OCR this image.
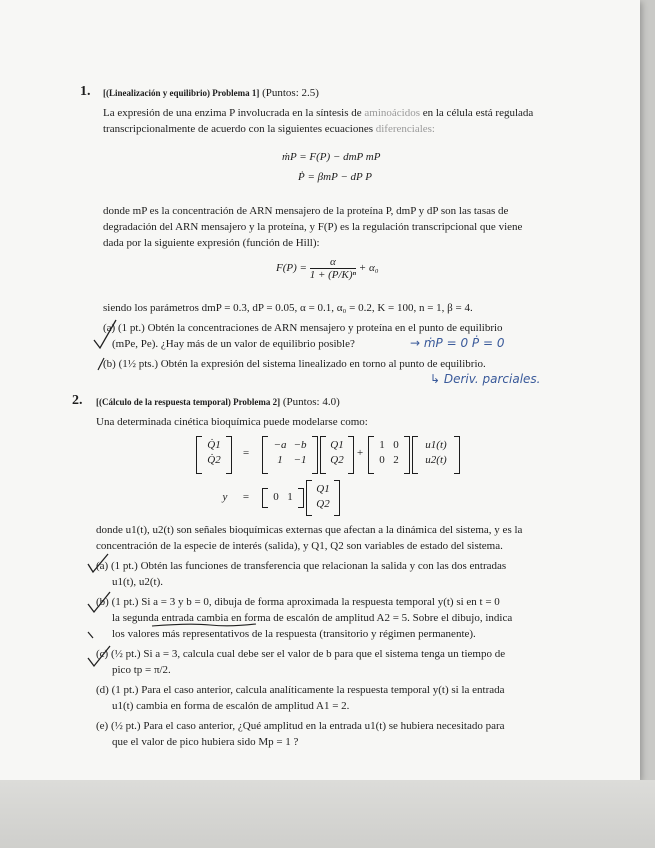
1. [(Linealización y equilibrio) Problema 1] (Puntos: 2.5)
La expresión de una enzima P involucrada en la síntesis de aminoácidos en la célula está regulada
transcripcionalmente de acuerdo con la siguientes ecuaciones diferenciales:
ṁP = F(P) − dmP mP
Ṗ = βmP − dP P
donde mP es la concentración de ARN mensajero de la proteína P, dmP y dP son las tasas de
degradación del ARN mensajero y la proteína, y F(P) es la regulación transcripcional que viene
dada por la siguiente expresión (función de Hill):
$F(P) = \frac{\alpha}{\text{1 + (P/K)ⁿ}} + \alpha_0$
siendo los parámetros dmP = 0.3, dP = 0.05, α = 0.1, α₀ = 0.2, K = 100, n = 1, β = 4.
(a) (1 pt.) Obtén la concentraciones de ARN mensajero y proteína en el punto de equilibrio
(mPe, Pe). ¿Hay más de un valor de equilibrio posible?	→ ṁP = 0 Ṗ = 0
(b) (1½ pts.) Obtén la expresión del sistema linealizado en torno al punto de equilibrio.
↳ Deriv. parciales.
2. [(Cálculo de la respuesta temporal) Problema 2] (Puntos: 4.0)
Una determinada cinética bioquímica puede modelarse como:
Q̇1
Q̇2
=
−a −b
1 −1
Q1
Q2
+
1 0
0 2
u1(t)
u2(t)
y =	0 1
Q1
Q2
donde u1(t), u2(t) son señales bioquímicas externas que afectan a la dinámica del sistema, y es la
concentración de la especie de interés (salida), y Q1, Q2 son variables de estado del sistema.
(a) (1 pt.) Obtén las funciones de transferencia que relacionan la salida y con las dos entradas
u1(t), u2(t).
(b) (1 pt.) Si a = 3 y b = 0, dibuja de forma aproximada la respuesta temporal y(t) si en t = 0
la segunda entrada cambia en forma de escalón de amplitud A2 = 5. Sobre el dibujo, indica
los valores más representativos de la respuesta (transitorio y régimen permanente).
(c) (½ pt.) Si a = 3, calcula cual debe ser el valor de b para que el sistema tenga un tiempo de
pico tp = π/2.
(d) (1 pt.) Para el caso anterior, calcula analíticamente la respuesta temporal y(t) si la entrada
u1(t) cambia en forma de escalón de amplitud A1 = 2.
(e) (½ pt.) Para el caso anterior, ¿Qué amplitud en la entrada u1(t) se hubiera necesitado para
que el valor de pico hubiera sido Mp = 1 ?
